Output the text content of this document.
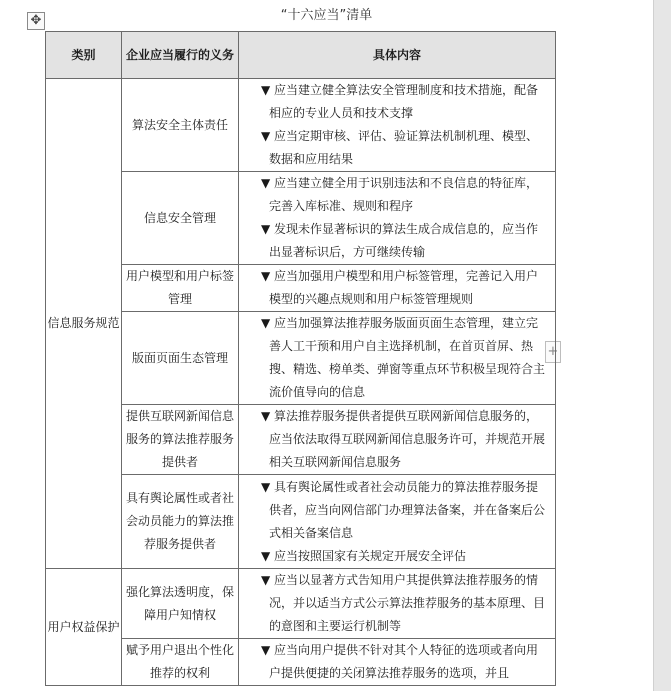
✥
+
“十六应当”清单
类别	企业应当履行的义务	具体内容
信息服务规范	算法安全主体责任	▼ 应当建立健全算法安全管理制度和技术措施，配备相应的专业人员和技术支撑

▼ 应当定期审核、评估、验证算法机制机理、模型、数据和应用结果

	信息安全管理	▼ 应当建立健全用于识别违法和不良信息的特征库，完善入库标准、规则和程序

▼ 发现未作显著标识的算法生成合成信息的，应当作出显著标识后，方可继续传输

	用户模型和用户标签管理	▼ 应当加强用户模型和用户标签管理，完善记入用户模型的兴趣点规则和用户标签管理规则

	版面页面生态管理	▼ 应当加强算法推荐服务版面页面生态管理，建立完善人工干预和用户自主选择机制，在首页首屏、热搜、精选、榜单类、弹窗等重点环节积极呈现符合主流价值导向的信息

	提供互联网新闻信息服务的算法推荐服务提供者	▼ 算法推荐服务提供者提供互联网新闻信息服务的，应当依法取得互联网新闻信息服务许可，并规范开展相关互联网新闻信息服务

	具有舆论属性或者社会动员能力的算法推荐服务提供者	▼ 具有舆论属性或者社会动员能力的算法推荐服务提供者，应当向网信部门办理算法备案，并在备案后公式相关备案信息

▼ 应当按照国家有关规定开展安全评估

用户权益保护	强化算法透明度，保障用户知情权	▼ 应当以显著方式告知用户其提供算法推荐服务的情况，并以适当方式公示算法推荐服务的基本原理、目的意图和主要运行机制等

	赋予用户退出个性化推荐的权利	▼ 应当向用户提供不针对其个人特征的选项或者向用户提供便捷的关闭算法推荐服务的选项，并且
